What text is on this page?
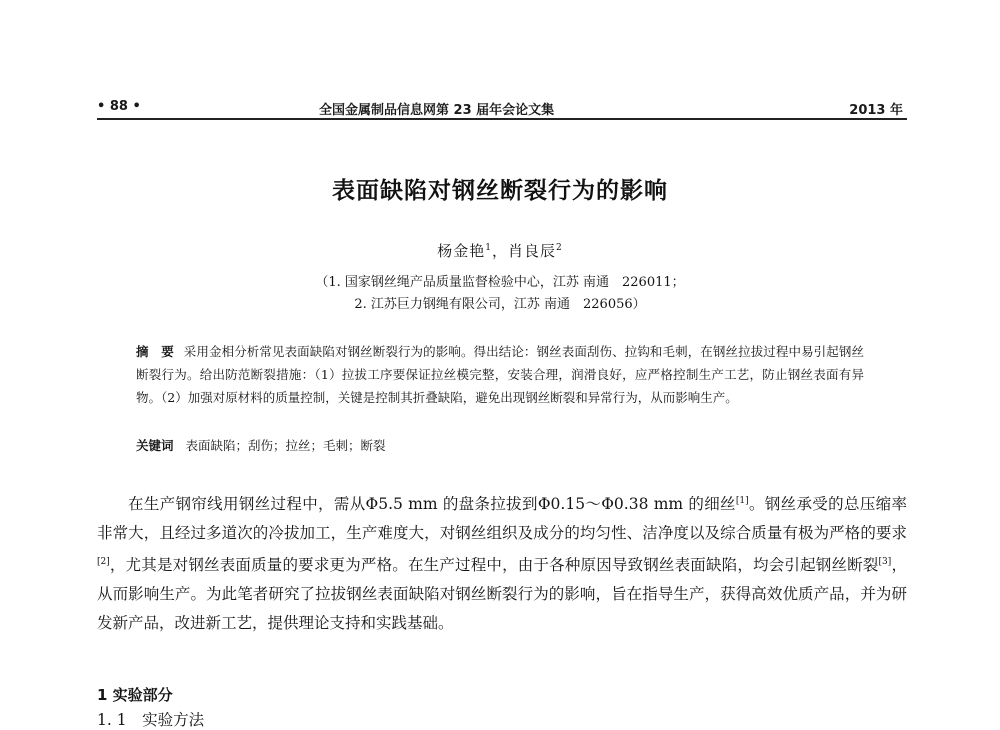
• 88 •	全国金属制品信息网第 23 届年会论文集	2013 年
表面缺陷对钢丝断裂行为的影响
杨金艳$^1$，肖良辰$^2$
（1. 国家钢丝绳产品质量监督检验中心，江苏 南通　226011；
2. 江苏巨力钢绳有限公司，江苏 南通　226056）
摘　要 采用金相分析常见表面缺陷对钢丝断裂行为的影响。得出结论：钢丝表面刮伤、拉钩和毛刺，在钢丝拉拔过程中易引起钢丝断裂行为。给出防范断裂措施：（1）拉拔工序要保证拉丝模完整，安装合理，润滑良好，应严格控制生产工艺，防止钢丝表面有异物。（2）加强对原材料的质量控制，关键是控制其折叠缺陷，避免出现钢丝断裂和异常行为，从而影响生产。
关键词 表面缺陷；刮伤；拉丝；毛刺；断裂
在生产钢帘线用钢丝过程中，需从Φ5.5 mm 的盘条拉拔到Φ0.15～Φ0.38 mm 的细丝[1]。钢丝承受的总压缩率非常大，且经过多道次的冷拔加工，生产难度大，对钢丝组织及成分的均匀性、洁净度以及综合质量有极为严格的要求[2]，尤其是对钢丝表面质量的要求更为严格。在生产过程中，由于各种原因导致钢丝表面缺陷，均会引起钢丝断裂[3]，从而影响生产。为此笔者研究了拉拔钢丝表面缺陷对钢丝断裂行为的影响，旨在指导生产，获得高效优质产品，并为研发新产品，改进新工艺，提供理论支持和实践基础。
1 实验部分
1. 1　实验方法
